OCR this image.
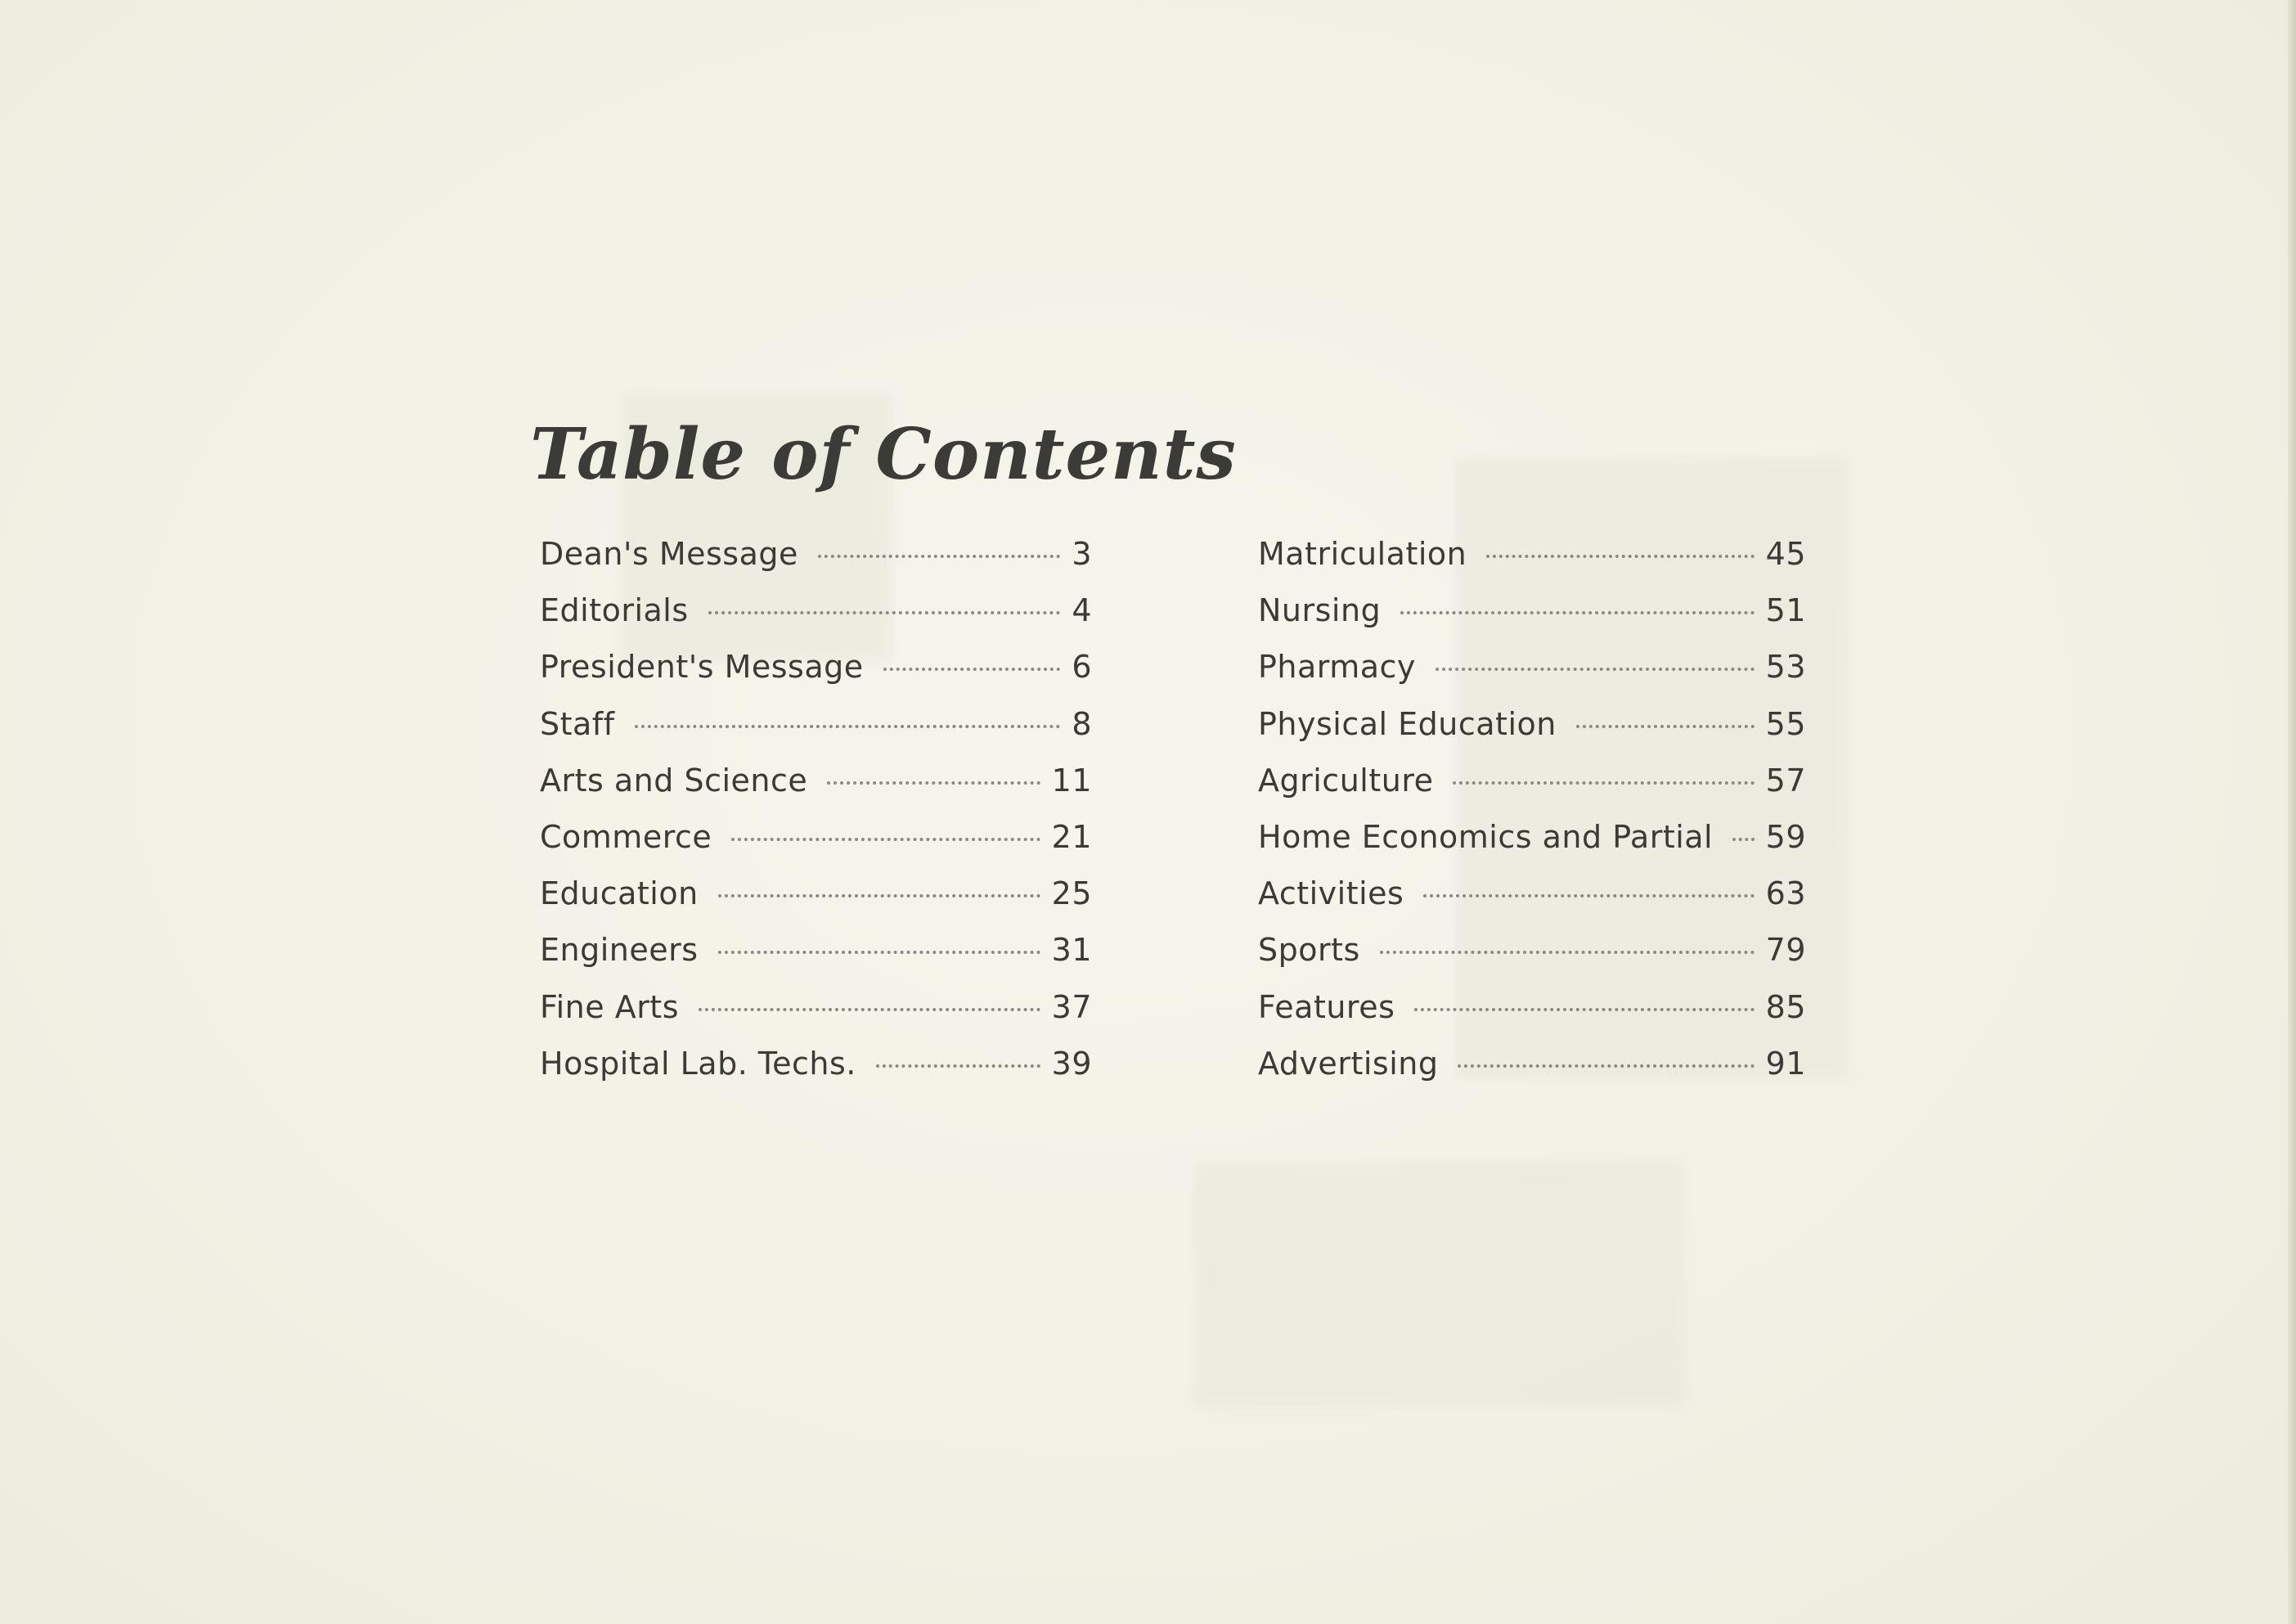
Table of Contents
Dean's Message	3
Editorials	4
President's Message	6
Staff	8
Arts and Science	11
Commerce	21
Education	25
Engineers	31
Fine Arts	37
Hospital Lab. Techs.	39
Matriculation	45
Nursing	51
Pharmacy	53
Physical Education	55
Agriculture	57
Home Economics and Partial 59
Activities	63
Sports	79
Features	85
Advertising	91
